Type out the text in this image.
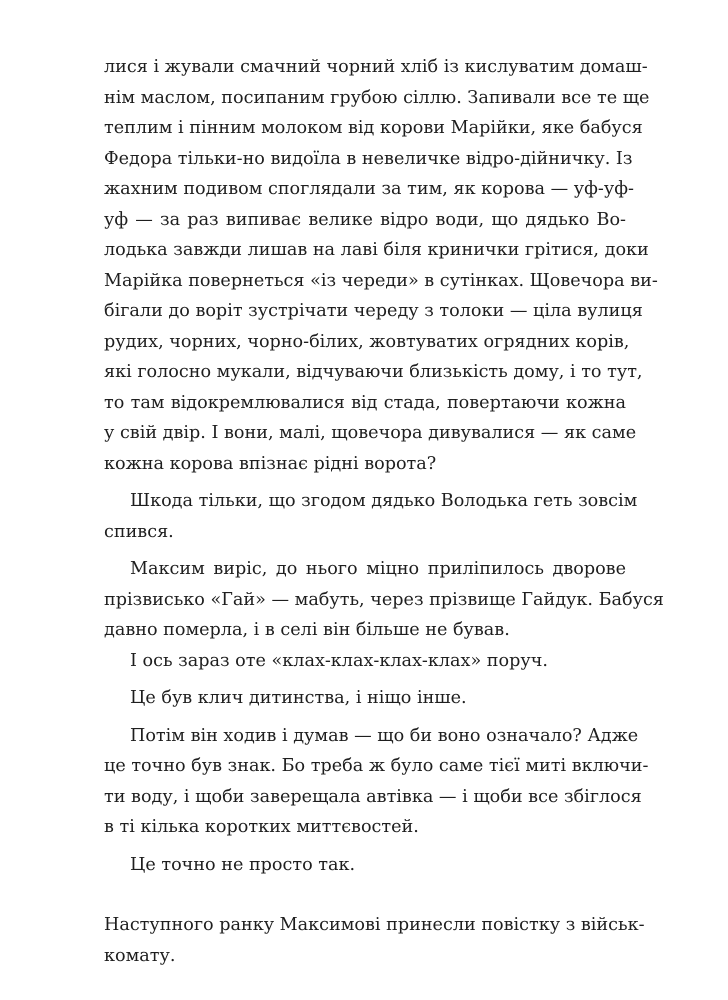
лися і жували смачний чорний хліб із кислуватим домаш-
нім маслом, посипаним грубою сіллю. Запивали все те ще
теплим і пінним молоком від корови Марійки, яке бабуся
Федора тільки-но видоїла в невеличке відро-дійничку. Із
жахним подивом споглядали за тим, як корова — уф-уф-
уф — за раз випиває велике відро води, що дядько Во-
лодька завжди лишав на лаві біля кринички грітися, доки
Марійка повернеться «із череди» в сутінках. Щовечора ви-
бігали до воріт зустрічати череду з толоки — ціла вулиця
рудих, чорних, чорно-білих, жовтуватих огрядних корів,
які голосно мукали, відчуваючи близькість дому, і то тут,
то там відокремлювалися від стада, повертаючи кожна
у свій двір. І вони, малі, щовечора дивувалися — як саме
кожна корова впізнає рідні ворота?
Шкода тільки, що згодом дядько Володька геть зовсім
спився.
Максим виріс, до нього міцно приліпилось дворове
прізвисько «Гай» — мабуть, через прізвище Гайдук. Бабуся
давно померла, і в селі він більше не бував.
І ось зараз оте «клах-клах-клах-клах» поруч.
Це був клич дитинства, і ніщо інше.
Потім він ходив і думав — що би воно означало? Адже
це точно був знак. Бо треба ж було саме тієї миті включи-
ти воду, і щоби заверещала автівка — і щоби все збіглося
в ті кілька коротких миттєвостей.
Це точно не просто так.
Наступного ранку Максимові принесли повістку з військ-
комату.
